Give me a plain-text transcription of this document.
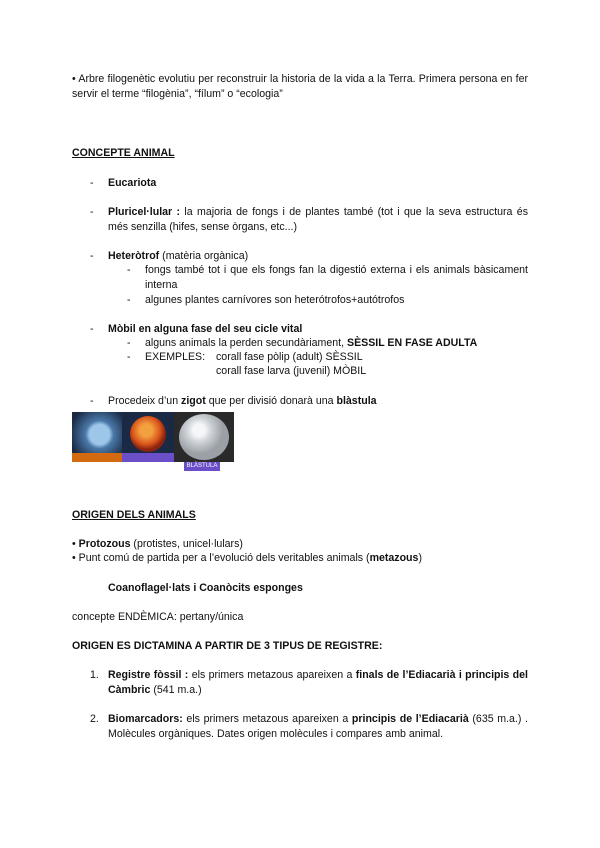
• Arbre filogenètic evolutiu per reconstruir la historia de la vida a la Terra. Primera persona en fer servir el terme “filogènia”, “fílum” o “ecologia”
CONCEPTE ANIMAL
- Eucariota
- Pluricel·lular : la majoria de fongs i de plantes també (tot i que la seva estructura és més senzilla (hifes, sense òrgans, etc...)
- Heteròtrof (matèria orgànica)
- fongs també tot i que els fongs fan la digestió externa i els animals bàsicament interna
- algunes plantes carnívores son heterótrofos+autótrofos
- Mòbil en alguna fase del seu cicle vital
- alguns animals la perden secundàriament, SÈSSIL EN FASE ADULTA
- EXEMPLES: corall fase pòlip (adult) SÈSSIL
corall fase larva (juvenil) MÒBIL
- Procedeix d’un zigot que per divisió donarà una blàstula
BLÀSTULA
ORIGEN DELS ANIMALS
• Protozous (protistes, unicel·lulars)
• Punt comú de partida per a l’evolució dels veritables animals (metazous)
Coanoflagel·lats i Coanòcits esponges
concepte ENDÈMICA: pertany/única
ORIGEN ES DICTAMINA A PARTIR DE 3 TIPUS DE REGISTRE:
1. Registre fòssil : els primers metazous apareixen a finals de l’Ediacarià i principis del Càmbric (541 m.a.)
2. Biomarcadors: els primers metazous apareixen a principis de l’Ediacarià (635 m.a.) . Molècules orgàniques. Dates origen molècules i compares amb animal.
